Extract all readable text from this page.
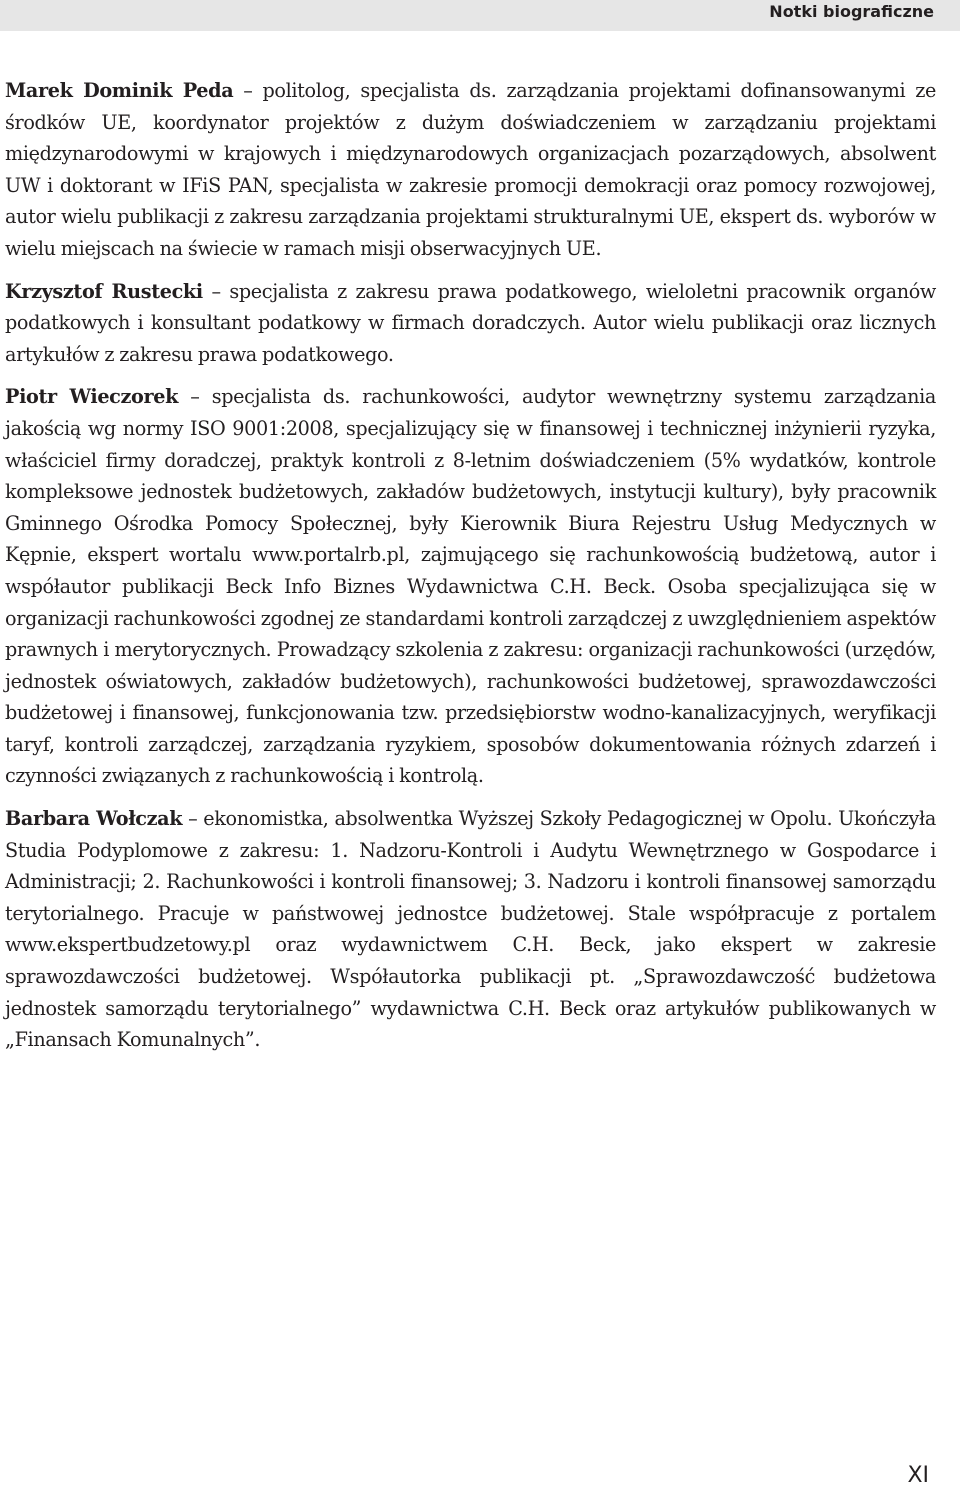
Notki biograficzne

Marek Dominik Peda – politolog, specjalista ds. zarządzania projektami dofinansowanymi ze środków UE, koordynator projektów z dużym doświadczeniem w zarządzaniu projektami międzynarodowymi w krajowych i międzynarodowych organizacjach pozarządowych, absolwent UW i doktorant w IFiS PAN, specjalista w zakresie promocji demokracji oraz pomocy rozwojowej, autor wielu publikacji z zakresu zarządzania projektami strukturalnymi UE, ekspert ds. wyborów w wielu miejscach na świecie w ramach misji obserwacyjnych UE.

Krzysztof Rustecki – specjalista z zakresu prawa podatkowego, wieloletni pracownik organów podatkowych i konsultant podatkowy w firmach doradczych. Autor wielu publikacji oraz licznych artykułów z zakresu prawa podatkowego.

Piotr Wieczorek – specjalista ds. rachunkowości, audytor wewnętrzny systemu zarządzania jakością wg normy ISO 9001:2008, specjalizujący się w finansowej i technicznej inżynierii ryzyka, właściciel firmy doradczej, praktyk kontroli z 8-letnim doświadczeniem (5% wydatków, kontrole kompleksowe jednostek budżetowych, zakładów budżetowych, instytucji kultury), były pracownik Gminnego Ośrodka Pomocy Społecznej, były Kierownik Biura Rejestru Usług Medycznych w Kępnie, ekspert wortalu www.portalrb.pl, zajmującego się rachunkowością budżetową, autor i współautor publikacji Beck Info Biznes Wydawnictwa C.H. Beck. Osoba specjalizująca się w organizacji rachunkowości zgodnej ze standardami kontroli zarządczej z uwzględnieniem aspektów prawnych i merytorycznych. Prowadzący szkolenia z zakresu: organizacji rachunkowości (urzędów, jednostek oświatowych, zakładów budżetowych), rachunkowości budżetowej, sprawozdawczości budżetowej i finansowej, funkcjonowania tzw. przedsiębiorstw wodno-kanalizacyjnych, weryfikacji taryf, kontroli zarządczej, zarządzania ryzykiem, sposobów dokumentowania różnych zdarzeń i czynności związanych z rachunkowością i kontrolą.

Barbara Wołczak – ekonomistka, absolwentka Wyższej Szkoły Pedagogicznej w Opolu. Ukończyła Studia Podyplomowe z zakresu: 1. Nadzoru-Kontroli i Audytu Wewnętrznego w Gospodarce i Administracji; 2. Rachunkowości i kontroli finansowej; 3. Nadzoru i kontroli finansowej samorządu terytorialnego. Pracuje w państwowej jednostce budżetowej. Stale współpracuje z portalem www.ekspertbudzetowy.pl oraz wydawnictwem C.H. Beck, jako ekspert w zakresie sprawozdawczości budżetowej. Współautorka publikacji pt. „Sprawozdawczość budżetowa jednostek samorządu terytorialnego” wydawnictwa C.H. Beck oraz artykułów publikowanych w „Finansach Komunalnych”.

XI
